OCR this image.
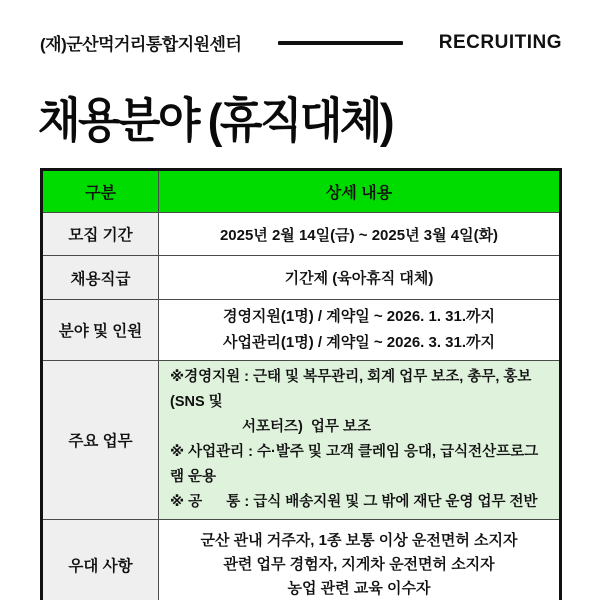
(재)군산먹거리통합지원센터	RECRUITING
채용분야 (휴직대체)
구분	상세 내용
모집 기간	2025년 2월 14일(금) ~ 2025년 3월 4일(화)
채용직급	기간제 (육아휴직 대체)
분야 및 인원	경영지원(1명) / 계약일 ~ 2026. 1. 31.까지
사업관리(1명) / 계약일 ~ 2026. 3. 31.까지

주요 업무	※경영지원 : 근태 및 복무관리, 회계 업무 보조, 총무, 홍보(SNS 및
서포터즈)  업무 보조
※ 사업관리 : 수·발주 및 고객 클레임 응대, 급식전산프로그램 운용
※ 공      통 : 급식 배송지원 및 그 밖에 재단 운영 업무 전반

우대 사항	군산 관내 거주자, 1종 보통 이상 운전면허 소지자
관련 업무 경험자, 지게차 운전면허 소지자
농업 관련 교육 이수자
